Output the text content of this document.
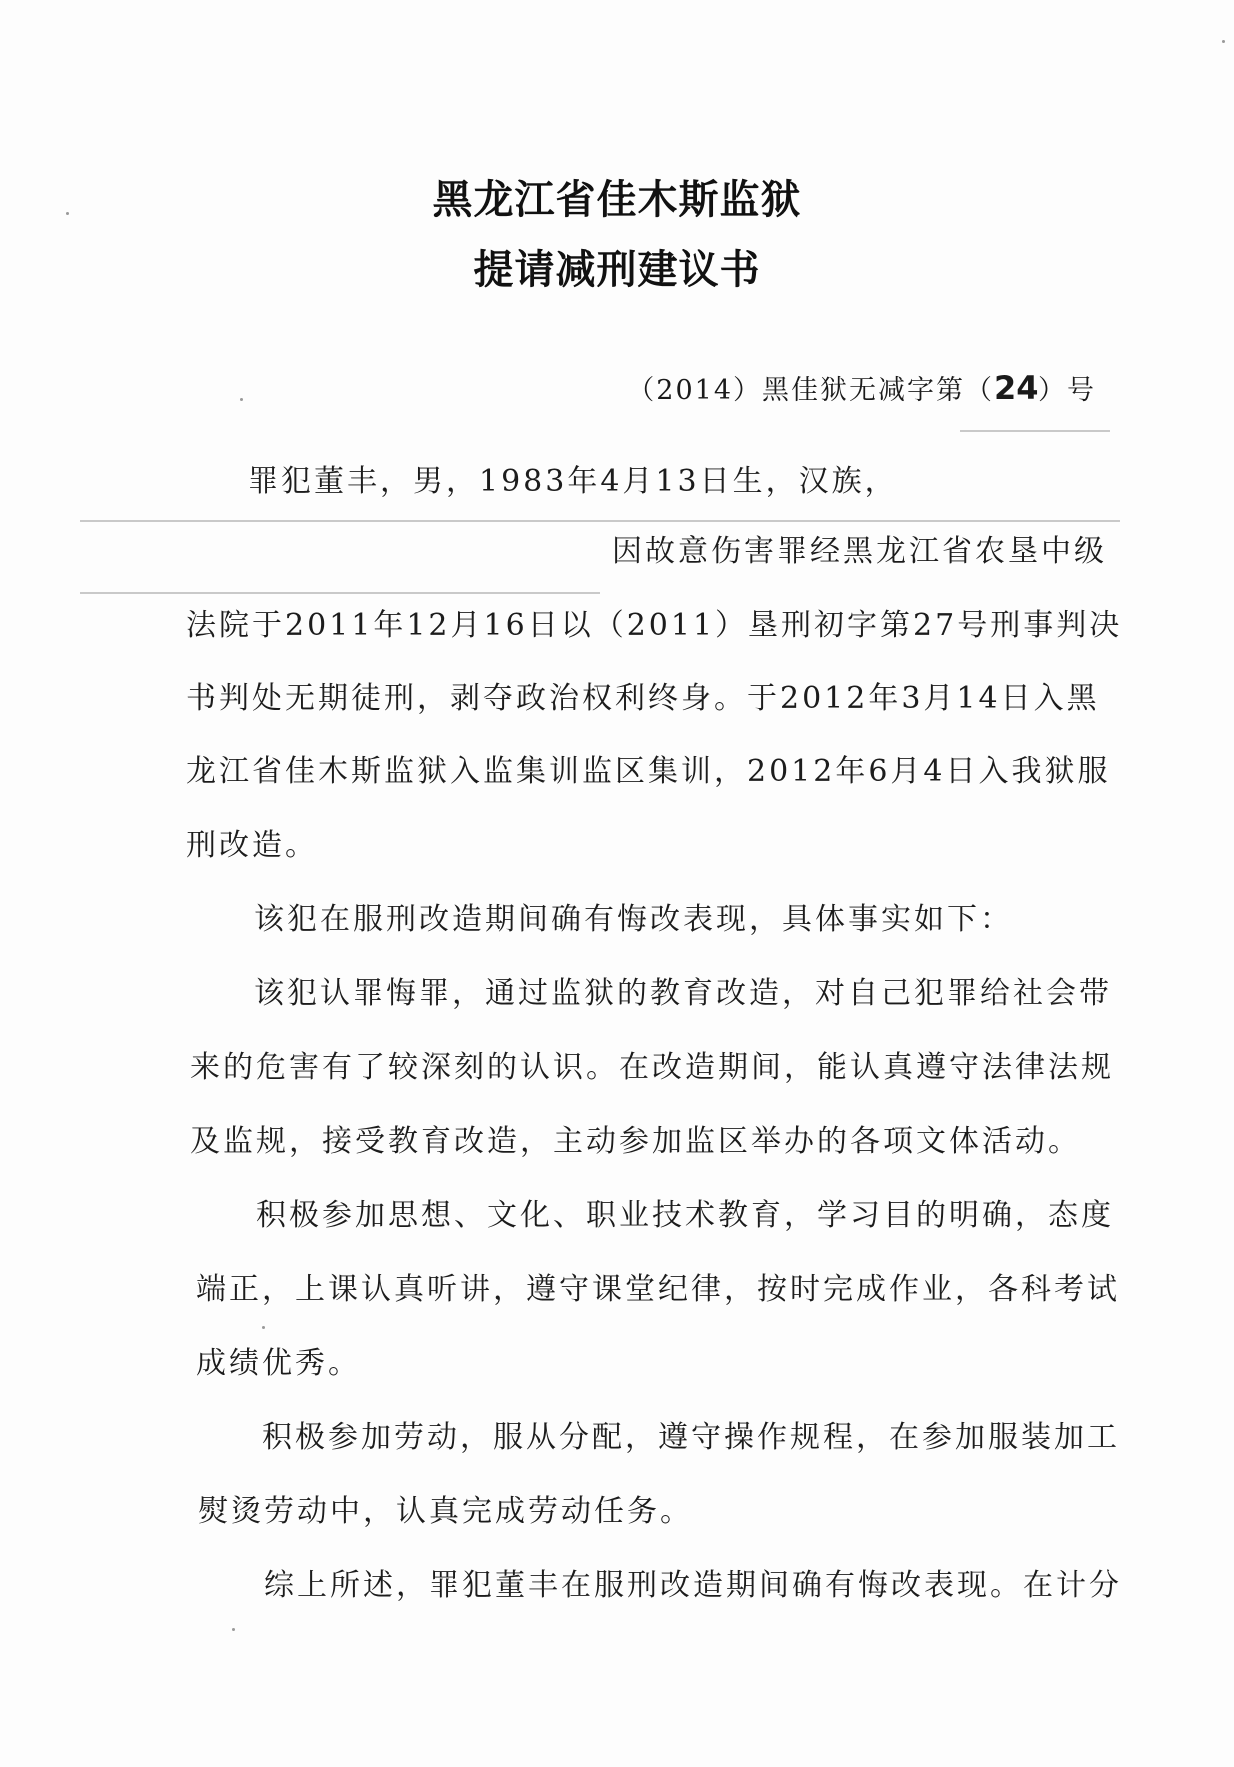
黑龙江省佳木斯监狱
提请减刑建议书
（2014）黑佳狱无减字第（24）号
罪犯董丰，男，1983年4月13日生，汉族，
因故意伤害罪经黑龙江省农垦中级
法院于2011年12月16日以（2011）垦刑初字第27号刑事判决
书判处无期徒刑，剥夺政治权利终身。于2012年3月14日入黑
龙江省佳木斯监狱入监集训监区集训，2012年6月4日入我狱服
刑改造。
该犯在服刑改造期间确有悔改表现，具体事实如下：
该犯认罪悔罪，通过监狱的教育改造，对自己犯罪给社会带
来的危害有了较深刻的认识。在改造期间，能认真遵守法律法规
及监规，接受教育改造，主动参加监区举办的各项文体活动。
积极参加思想、文化、职业技术教育，学习目的明确，态度
端正，上课认真听讲，遵守课堂纪律，按时完成作业，各科考试
成绩优秀。
积极参加劳动，服从分配，遵守操作规程，在参加服装加工
熨烫劳动中，认真完成劳动任务。
综上所述，罪犯董丰在服刑改造期间确有悔改表现。在计分
